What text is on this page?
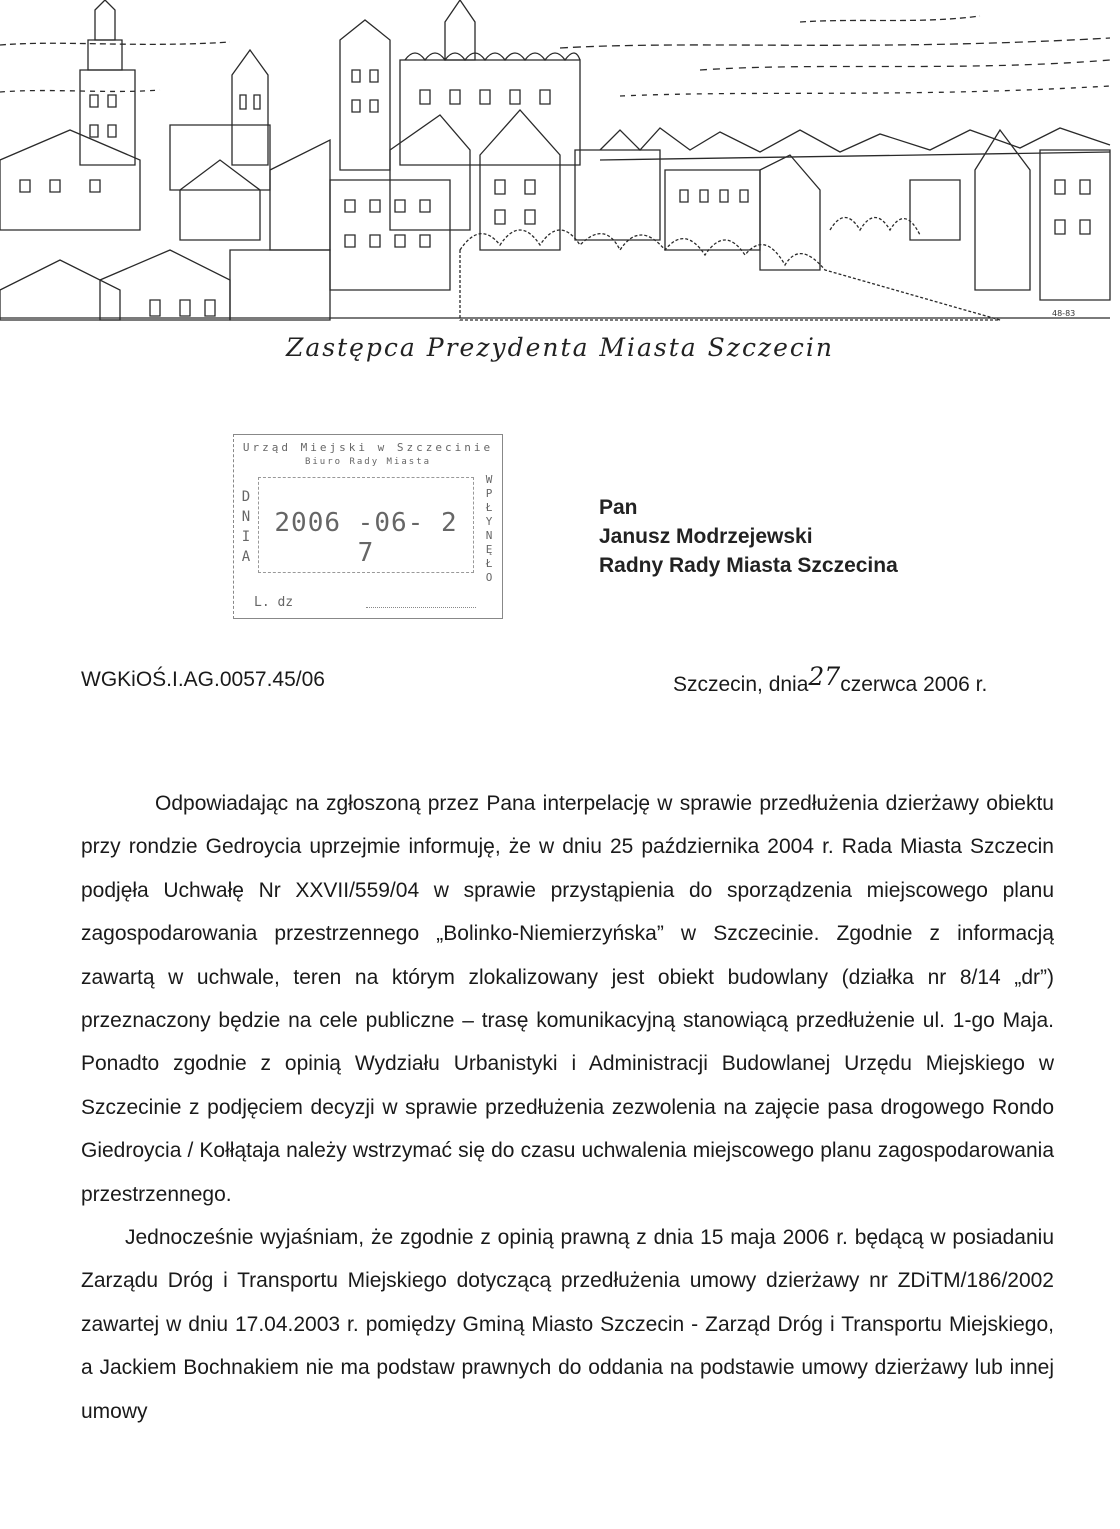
48-83
Zastępca Prezydenta Miasta Szczecin
Urząd Miejski w Szczecinie
Biuro Rady Miasta
D
N
I
A
2006 -06- 2 7
W
P
Ł
Y
N
Ę
Ł
O
L. dz
Pan
Janusz Modrzejewski
Radny Rady Miasta Szczecina
WGKiOŚ.I.AG.0057.45/06	Szczecin, dnia27czerwca 2006 r.

Odpowiadając na zgłoszoną przez Pana interpelację w sprawie przedłużenia dzierżawy obiektu przy rondzie Gedroycia uprzejmie informuję, że w dniu 25 października 2004 r. Rada Miasta Szczecin podjęła Uchwałę Nr XXVII/559/04 w sprawie przystąpienia do sporządzenia miejscowego planu zagospodarowania przestrzennego „Bolinko-Niemierzyńska” w Szczecinie. Zgodnie z informacją zawartą w uchwale, teren na którym zlokalizowany jest obiekt budowlany (działka nr 8/14 „dr”) przeznaczony będzie na cele publiczne – trasę komunikacyjną stanowiącą przedłużenie ul. 1-go Maja. Ponadto zgodnie z opinią Wydziału Urbanistyki i Administracji Budowlanej Urzędu Miejskiego w Szczecinie z podjęciem decyzji w sprawie przedłużenia zezwolenia na zajęcie pasa drogowego Rondo Giedroycia / Kołłątaja należy wstrzymać się do czasu uchwalenia miejscowego planu zagospodarowania przestrzennego.

Jednocześnie wyjaśniam, że zgodnie z opinią prawną z dnia 15 maja 2006 r. będącą w posiadaniu Zarządu Dróg i Transportu Miejskiego dotyczącą przedłużenia umowy dzierżawy nr ZDiTM/186/2002 zawartej w dniu 17.04.2003 r. pomiędzy Gminą Miasto Szczecin - Zarząd Dróg i Transportu Miejskiego, a Jackiem Bochnakiem nie ma podstaw prawnych do oddania na podstawie umowy dzierżawy lub innej umowy
